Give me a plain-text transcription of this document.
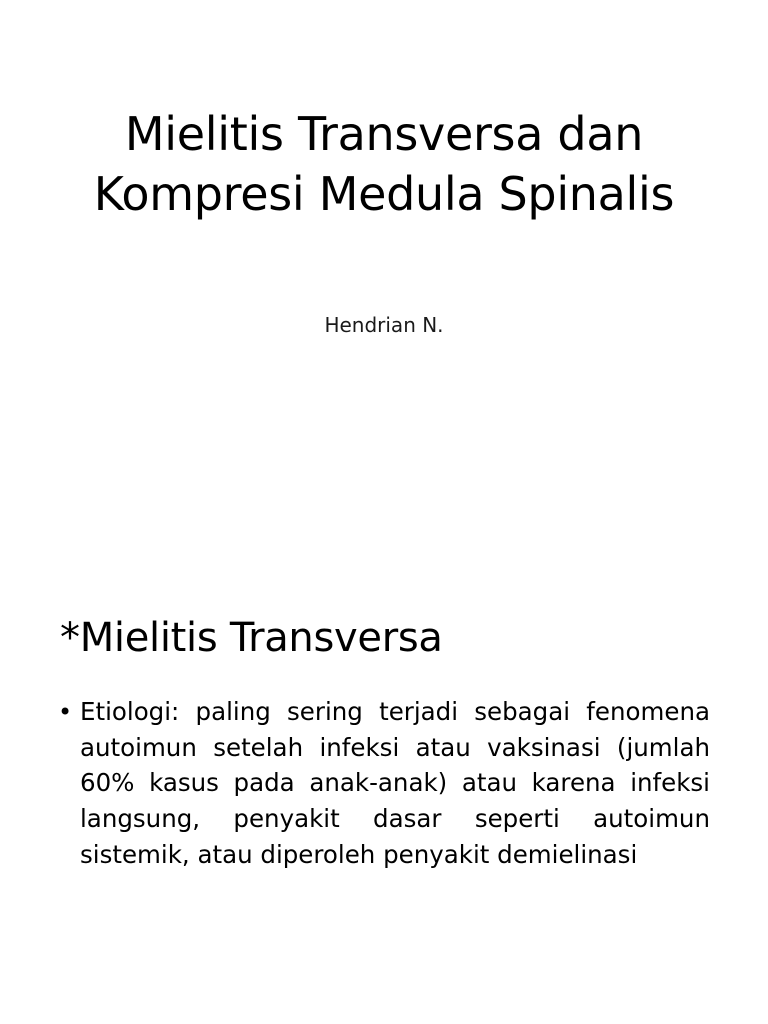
Mielitis Transversa dan Kompresi Medula Spinalis

Hendrian N.

*Mielitis Transversa
• Etiologi: paling sering terjadi sebagai fenomena autoimun setelah infeksi atau vaksinasi (jumlah 60% kasus pada anak-anak) atau karena infeksi langsung, penyakit dasar seperti autoimun sistemik, atau diperoleh penyakit demielinasi
